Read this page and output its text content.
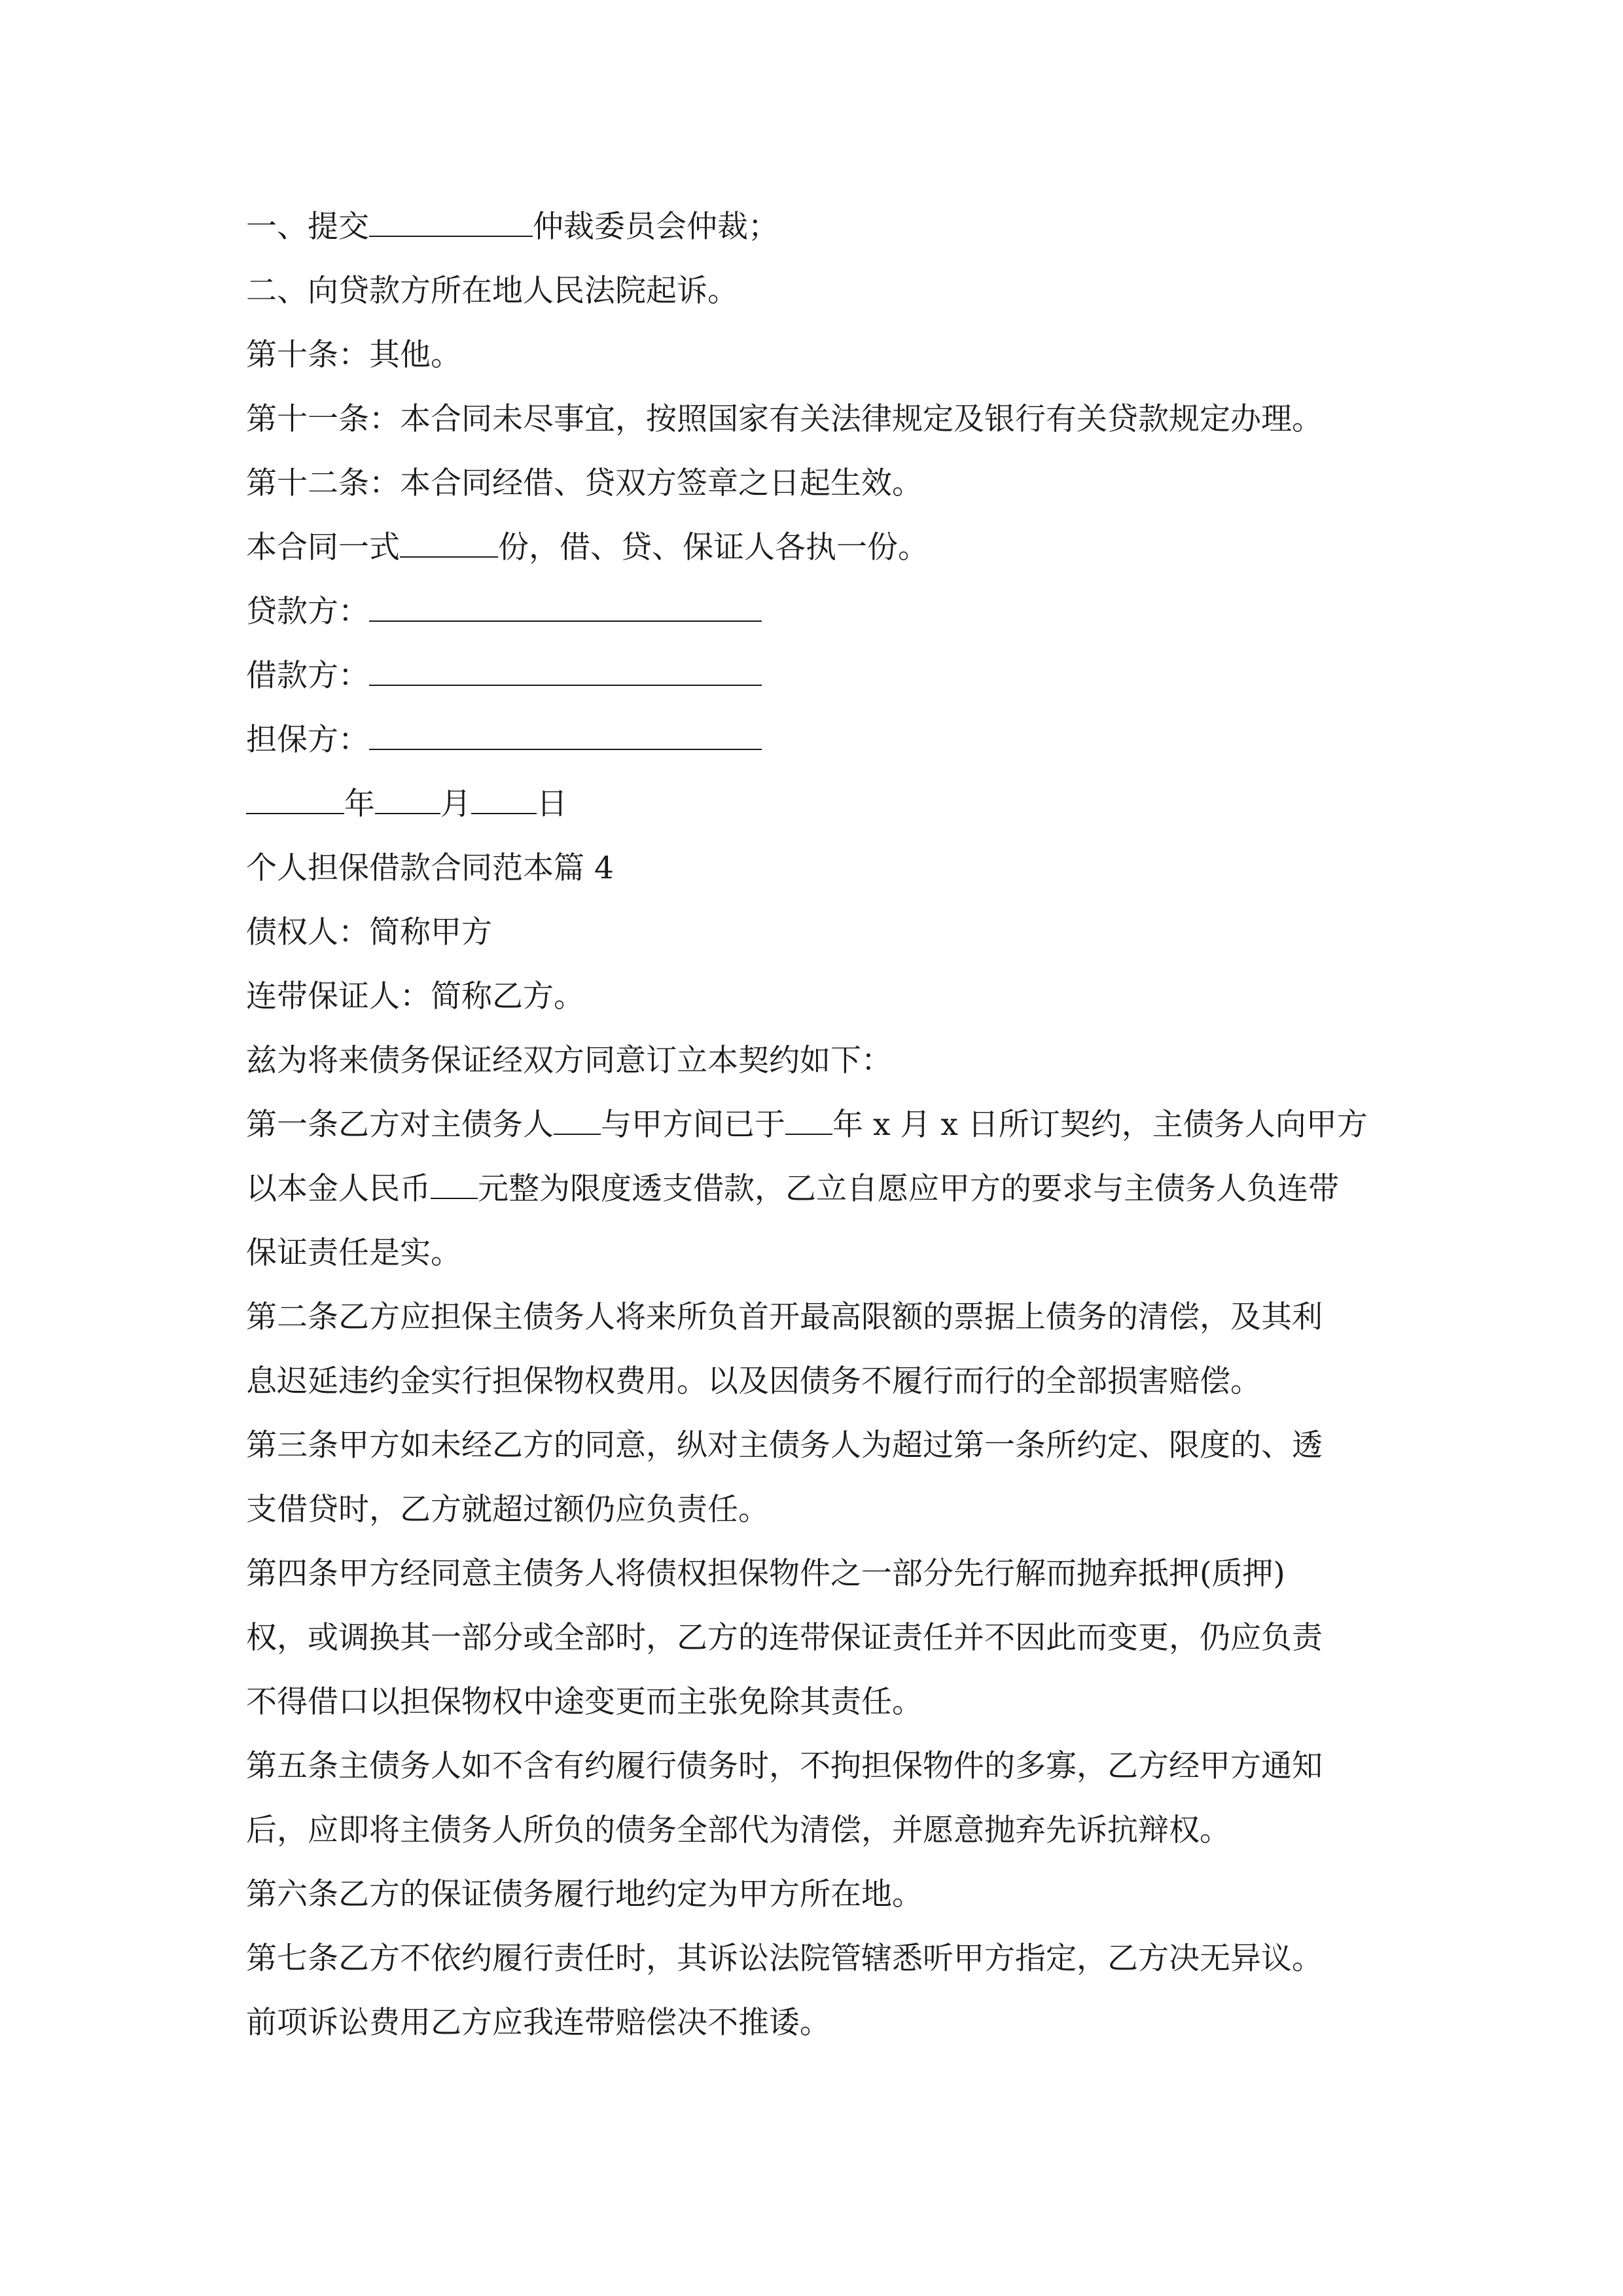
一、提交	仲裁委员会仲裁；
二、向贷款方所在地人民法院起诉。
第十条：其他。
第十一条：本合同未尽事宜，按照国家有关法律规定及银行有关贷款规定办理。
第十二条：本合同经借、贷双方签章之日起生效。
本合同一式	份，借、贷、保证人各执一份。
贷款方：
借款方：
担保方：
年 月 日
个人担保借款合同范本篇 4
债权人：简称甲方
连带保证人：简称乙方。
兹为将来债务保证经双方同意订立本契约如下：
第一条乙方对主债务人 与甲方间已于 年 x 月 x 日所订契约，主债务人向甲方
以本金人民币 元整为限度透支借款，乙立自愿应甲方的要求与主债务人负连带
保证责任是实。
第二条乙方应担保主债务人将来所负首开最高限额的票据上债务的清偿，及其利
息迟延违约金实行担保物权费用。以及因债务不履行而行的全部损害赔偿。
第三条甲方如未经乙方的同意，纵对主债务人为超过第一条所约定、限度的、透
支借贷时，乙方就超过额仍应负责任。
第四条甲方经同意主债务人将债权担保物件之一部分先行解而抛弃抵押(质押)
权，或调换其一部分或全部时，乙方的连带保证责任并不因此而变更，仍应负责
不得借口以担保物权中途变更而主张免除其责任。
第五条主债务人如不含有约履行债务时，不拘担保物件的多寡，乙方经甲方通知
后，应即将主债务人所负的债务全部代为清偿，并愿意抛弃先诉抗辩权。
第六条乙方的保证债务履行地约定为甲方所在地。
第七条乙方不依约履行责任时，其诉讼法院管辖悉听甲方指定，乙方决无异议。
前项诉讼费用乙方应我连带赔偿决不推诿。
